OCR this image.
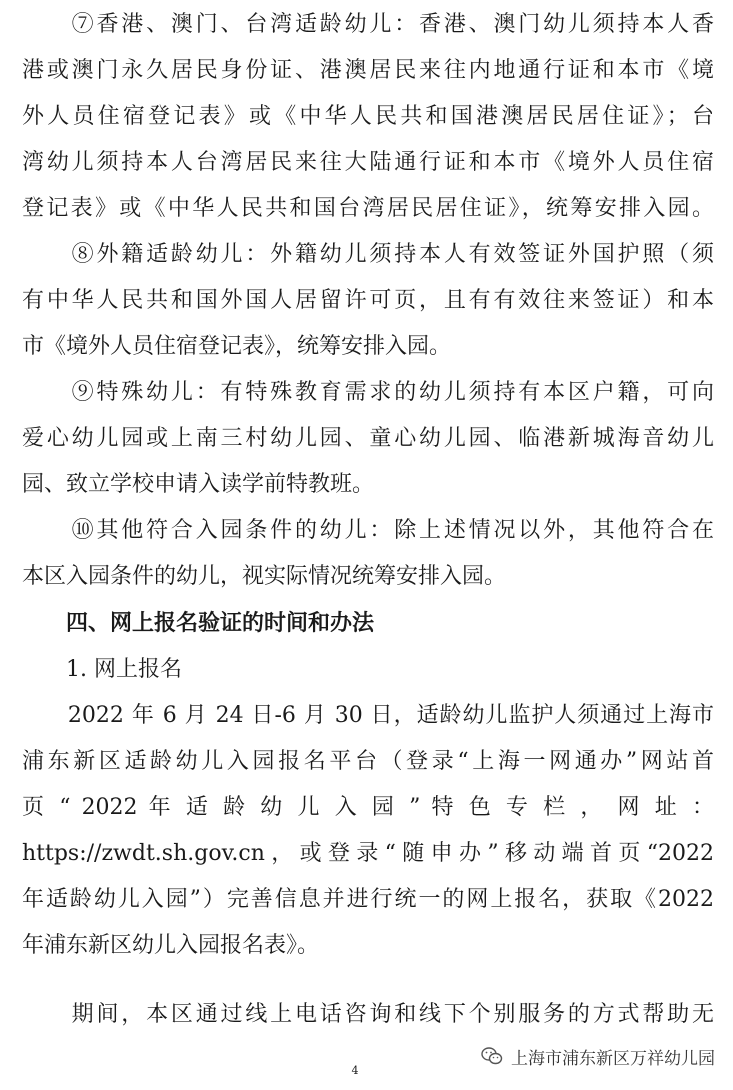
　　⑦香港、澳门、台湾适龄幼儿：香港、澳门幼儿须持本人香
港或澳门永久居民身份证、港澳居民来往内地通行证和本市《境
外人员住宿登记表》或《中华人民共和国港澳居民居住证》；台
湾幼儿须持本人台湾居民来往大陆通行证和本市《境外人员住宿
登记表》或《中华人民共和国台湾居民居住证》，统筹安排入园。
　　⑧外籍适龄幼儿：外籍幼儿须持本人有效签证外国护照（须
有中华人民共和国外国人居留许可页，且有有效往来签证）和本
市《境外人员住宿登记表》，统筹安排入园。
　　⑨特殊幼儿：有特殊教育需求的幼儿须持有本区户籍，可向
爱心幼儿园或上南三村幼儿园、童心幼儿园、临港新城海音幼儿
园、致立学校申请入读学前特教班。
　　⑩其他符合入园条件的幼儿：除上述情况以外，其他符合在
本区入园条件的幼儿，视实际情况统筹安排入园。
　　四、网上报名验证的时间和办法
　　1. 网上报名
　　2022 年 6 月 24 日-6 月 30 日，适龄幼儿监护人须通过上海市
浦东新区适龄幼儿入园报名平台（登录“上海一网通办”网站首
页 “ 2022 年 适 龄 幼 儿 入 园 ” 特 色 专 栏 ， 网 址 ：
https://zwdt.sh.gov.cn，或登录“随申办”移动端首页“2022
年适龄幼儿入园”）完善信息并进行统一的网上报名，获取《2022
年浦东新区幼儿入园报名表》。
　　期间，本区通过线上电话咨询和线下个别服务的方式帮助无
4
上海市浦东新区万祥幼儿园
